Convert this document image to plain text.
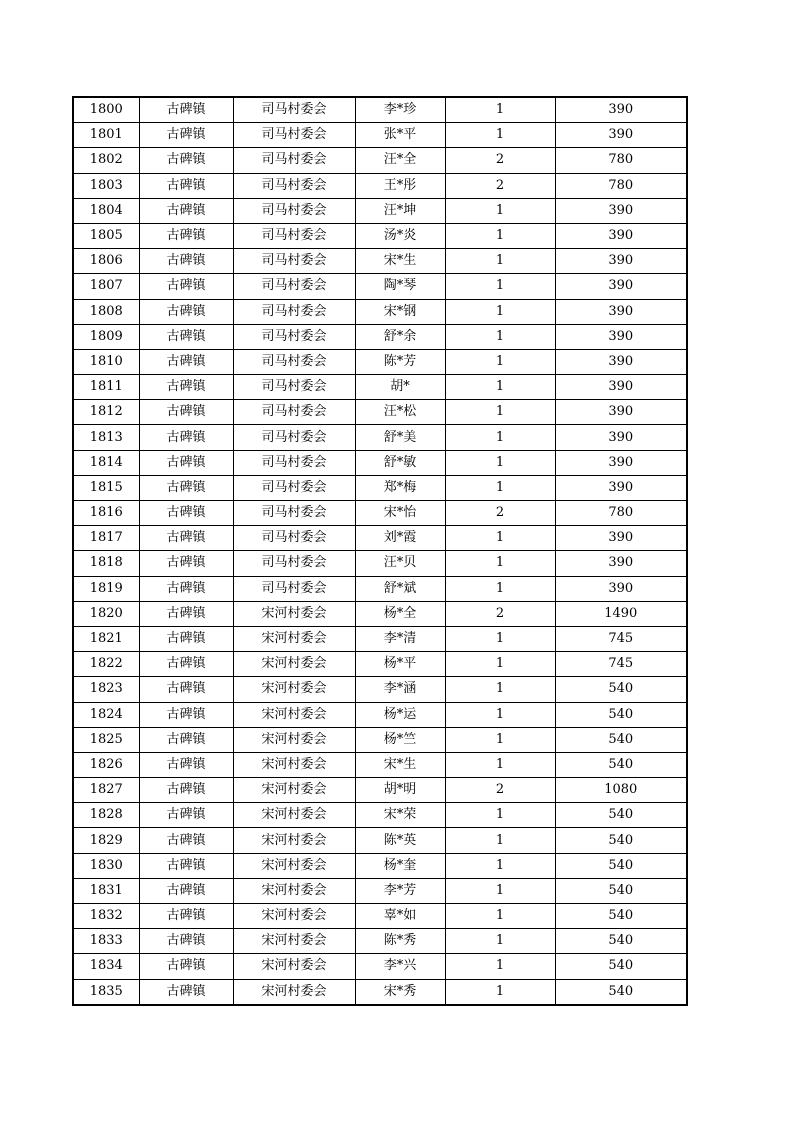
1800	古碑镇	司马村委会	李*珍	1	390
1801	古碑镇	司马村委会	张*平	1	390
1802	古碑镇	司马村委会	汪*全	2	780
1803	古碑镇	司马村委会	王*彤	2	780
1804	古碑镇	司马村委会	汪*坤	1	390
1805	古碑镇	司马村委会	汤*炎	1	390
1806	古碑镇	司马村委会	宋*生	1	390
1807	古碑镇	司马村委会	陶*琴	1	390
1808	古碑镇	司马村委会	宋*钢	1	390
1809	古碑镇	司马村委会	舒*余	1	390
1810	古碑镇	司马村委会	陈*芳	1	390
1811	古碑镇	司马村委会	胡*	1	390
1812	古碑镇	司马村委会	汪*松	1	390
1813	古碑镇	司马村委会	舒*美	1	390
1814	古碑镇	司马村委会	舒*敏	1	390
1815	古碑镇	司马村委会	郑*梅	1	390
1816	古碑镇	司马村委会	宋*怡	2	780
1817	古碑镇	司马村委会	刘*霞	1	390
1818	古碑镇	司马村委会	汪*贝	1	390
1819	古碑镇	司马村委会	舒*斌	1	390
1820	古碑镇	宋河村委会	杨*全	2	1490
1821	古碑镇	宋河村委会	李*清	1	745
1822	古碑镇	宋河村委会	杨*平	1	745
1823	古碑镇	宋河村委会	李*涵	1	540
1824	古碑镇	宋河村委会	杨*运	1	540
1825	古碑镇	宋河村委会	杨*竺	1	540
1826	古碑镇	宋河村委会	宋*生	1	540
1827	古碑镇	宋河村委会	胡*明	2	1080
1828	古碑镇	宋河村委会	宋*荣	1	540
1829	古碑镇	宋河村委会	陈*英	1	540
1830	古碑镇	宋河村委会	杨*奎	1	540
1831	古碑镇	宋河村委会	李*芳	1	540
1832	古碑镇	宋河村委会	辜*如	1	540
1833	古碑镇	宋河村委会	陈*秀	1	540
1834	古碑镇	宋河村委会	李*兴	1	540
1835	古碑镇	宋河村委会	宋*秀	1	540
